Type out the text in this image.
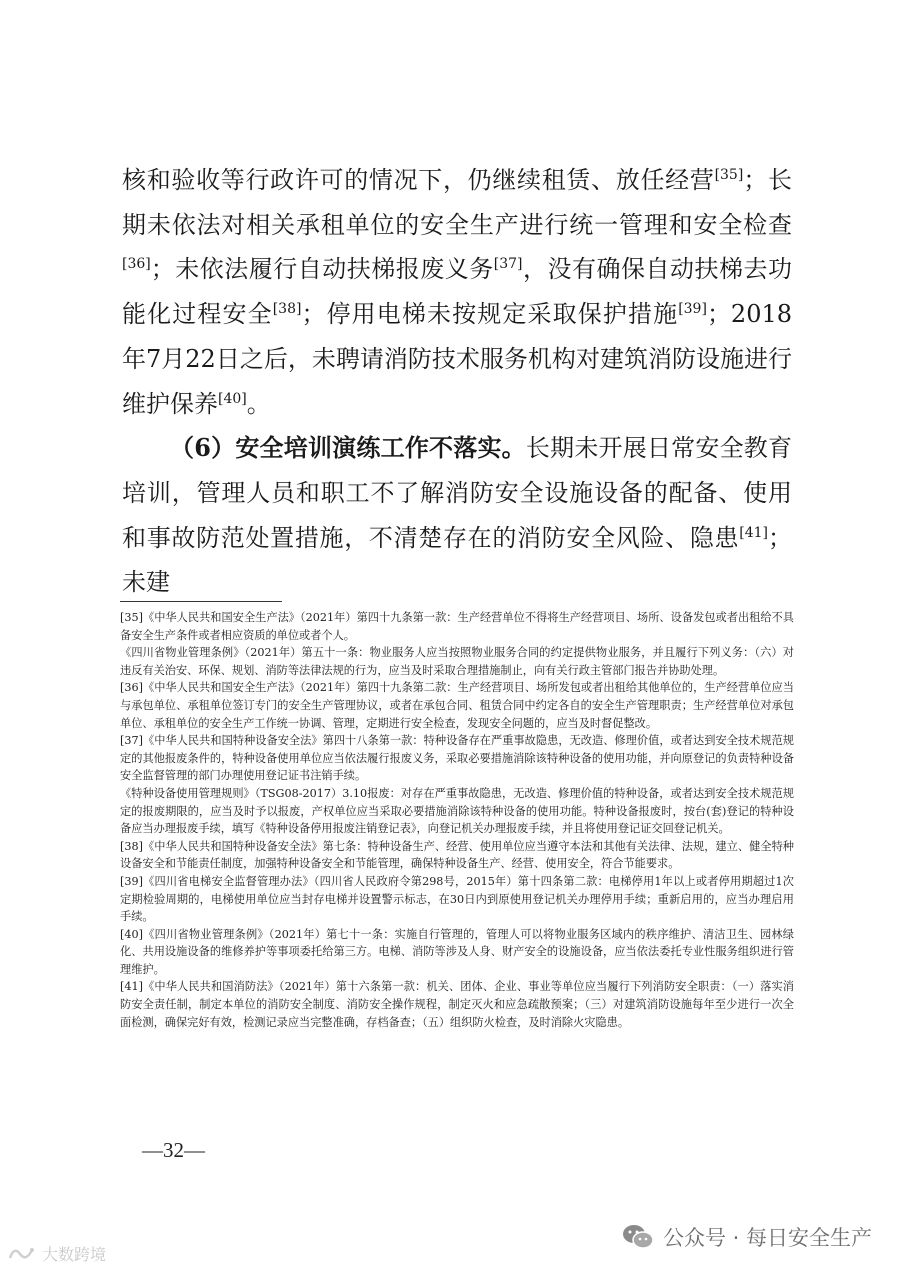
核和验收等行政许可的情况下，仍继续租赁、放任经营[35]；长期未依法对相关承租单位的安全生产进行统一管理和安全检查[36]；未依法履行自动扶梯报废义务[37]，没有确保自动扶梯去功能化过程安全[38]；停用电梯未按规定采取保护措施[39]；2018年7月22日之后，未聘请消防技术服务机构对建筑消防设施进行维护保养[40]。

（6）安全培训演练工作不落实。长期未开展日常安全教育培训，管理人员和职工不了解消防安全设施设备的配备、使用和事故防范处置措施，不清楚存在的消防安全风险、隐患[41]；未建

[35]《中华人民共和国安全生产法》（2021年）第四十九条第一款：生产经营单位不得将生产经营项目、场所、设备发包或者出租给不具备安全生产条件或者相应资质的单位或者个人。

《四川省物业管理条例》（2021年）第五十一条：物业服务人应当按照物业服务合同的约定提供物业服务，并且履行下列义务：（六）对违反有关治安、环保、规划、消防等法律法规的行为，应当及时采取合理措施制止，向有关行政主管部门报告并协助处理。

[36]《中华人民共和国安全生产法》（2021年）第四十九条第二款：生产经营项目、场所发包或者出租给其他单位的，生产经营单位应当与承包单位、承租单位签订专门的安全生产管理协议，或者在承包合同、租赁合同中约定各自的安全生产管理职责；生产经营单位对承包单位、承租单位的安全生产工作统一协调、管理，定期进行安全检查，发现安全问题的，应当及时督促整改。

[37]《中华人民共和国特种设备安全法》第四十八条第一款：特种设备存在严重事故隐患，无改造、修理价值，或者达到安全技术规范规定的其他报废条件的，特种设备使用单位应当依法履行报废义务，采取必要措施消除该特种设备的使用功能，并向原登记的负责特种设备安全监督管理的部门办理使用登记证书注销手续。

《特种设备使用管理规则》（TSG08-2017）3.10报废：对存在严重事故隐患，无改造、修理价值的特种设备，或者达到安全技术规范规定的报废期限的，应当及时予以报废，产权单位应当采取必要措施消除该特种设备的使用功能。特种设备报废时，按台(套)登记的特种设备应当办理报废手续，填写《特种设备停用报废注销登记表》，向登记机关办理报废手续，并且将使用登记证交回登记机关。

[38]《中华人民共和国特种设备安全法》第七条：特种设备生产、经营、使用单位应当遵守本法和其他有关法律、法规，建立、健全特种设备安全和节能责任制度，加强特种设备安全和节能管理，确保特种设备生产、经营、使用安全，符合节能要求。

[39]《四川省电梯安全监督管理办法》（四川省人民政府令第298号，2015年）第十四条第二款：电梯停用1年以上或者停用期超过1次定期检验周期的，电梯使用单位应当封存电梯并设置警示标志，在30日内到原使用登记机关办理停用手续；重新启用的，应当办理启用手续。

[40]《四川省物业管理条例》（2021年）第七十一条：实施自行管理的，管理人可以将物业服务区域内的秩序维护、清洁卫生、园林绿化、共用设施设备的维修养护等事项委托给第三方。电梯、消防等涉及人身、财产安全的设施设备，应当依法委托专业性服务组织进行管理维护。

[41]《中华人民共和国消防法》（2021年）第十六条第一款：机关、团体、企业、事业等单位应当履行下列消防安全职责：（一）落实消防安全责任制，制定本单位的消防安全制度、消防安全操作规程，制定灭火和应急疏散预案；（三）对建筑消防设施每年至少进行一次全面检测，确保完好有效，检测记录应当完整准确，存档备查；（五）组织防火检查，及时消除火灾隐患。

—32—
公众号 · 每日安全生产
大数跨境
